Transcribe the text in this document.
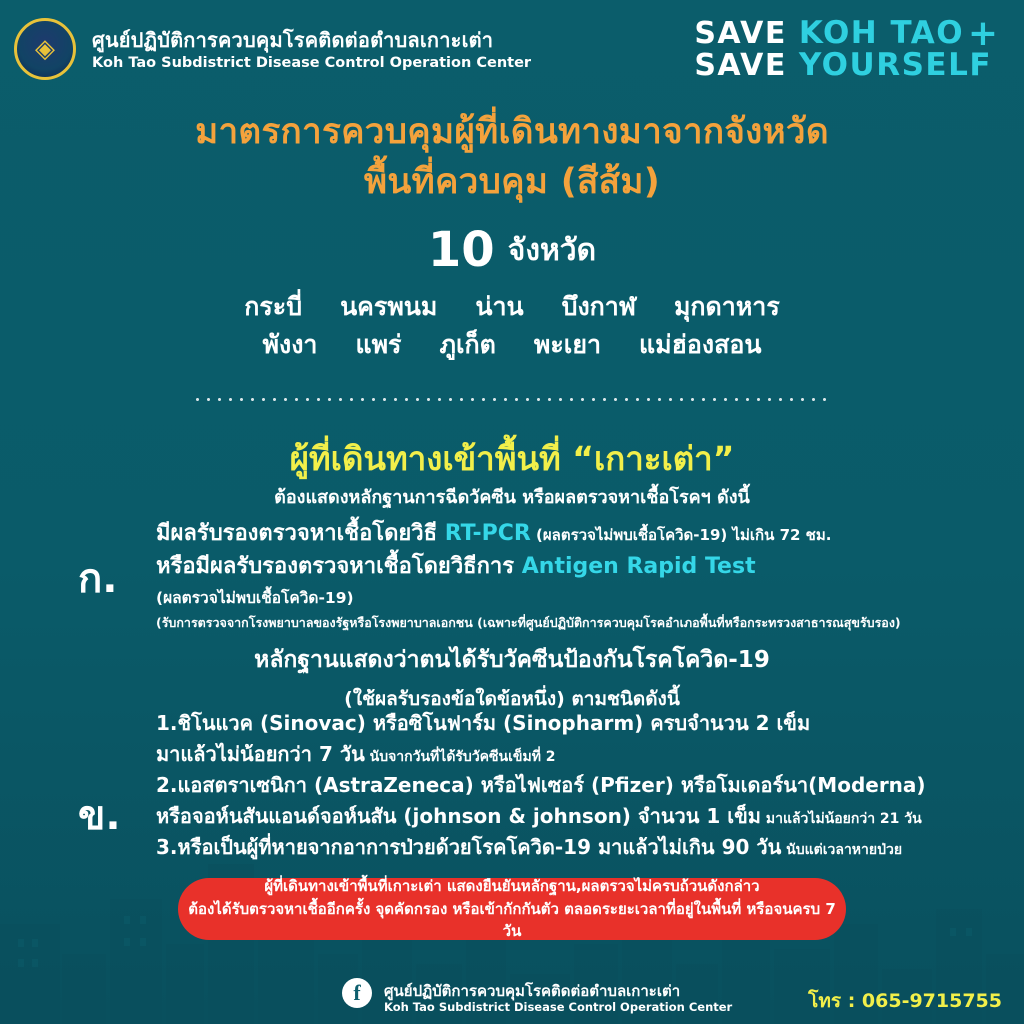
◈ ศูนย์ปฏิบัติการควบคุมโรคติดต่อตำบลเกาะเต่า
Koh Tao Subdistrict Disease Control Operation Center
SAVE KOH TAO
SAVE YOURSELF
+
มาตรการควบคุมผู้ที่เดินทางมาจากจังหวัด
พื้นที่ควบคุม (สีส้ม)
10 จังหวัด
กระบี่ นครพนม น่าน บึงกาฬ มุกดาหาร
พังงา แพร่ ภูเก็ต พะเยา แม่ฮ่องสอน
ผู้ที่เดินทางเข้าพื้นที่ “เกาะเต่า”
ต้องแสดงหลักฐานการฉีดวัคซีน หรือผลตรวจหาเชื้อโรคฯ ดังนี้
ก.
มีผลรับรองตรวจหาเชื้อโดยวิธี RT-PCR (ผลตรวจไม่พบเชื้อโควิด-19) ไม่เกิน 72 ชม.
หรือมีผลรับรองตรวจหาเชื้อโดยวิธีการ Antigen Rapid Test
(ผลตรวจไม่พบเชื้อโควิด-19)
(รับการตรวจจากโรงพยาบาลของรัฐหรือโรงพยาบาลเอกชน (เฉพาะที่ศูนย์ปฏิบัติการควบคุมโรคอำเภอพื้นที่หรือกระทรวงสาธารณสุขรับรอง)
หลักฐานแสดงว่าตนได้รับวัคซีนป้องกันโรคโควิด-19
(ใช้ผลรับรองข้อใดข้อหนึ่ง) ตามชนิดดังนี้
ข.
1.ชิโนแวค (Sinovac) หรือซิโนฟาร์ม (Sinopharm) ครบจำนวน 2 เข็ม
มาแล้วไม่น้อยกว่า 7 วัน นับจากวันที่ได้รับวัคซีนเข็มที่ 2
2.แอสตราเซนิกา (AstraZeneca) หรือไฟเซอร์ (Pfizer) หรือโมเดอร์นา(Moderna)
หรือจอห์นสันแอนด์จอห์นสัน (johnson & johnson) จำนวน 1 เข็ม มาแล้วไม่น้อยกว่า 21 วัน
3.หรือเป็นผู้ที่หายจากอาการป่วยด้วยโรคโควิด-19 มาแล้วไม่เกิน 90 วัน นับแต่เวลาหายป่วย
ผู้ที่เดินทางเข้าพื้นที่เกาะเต่า แสดงยืนยันหลักฐาน,ผลตรวจไม่ครบถ้วนดังกล่าว
ต้องได้รับตรวจหาเชื้ออีกครั้ง จุดคัดกรอง หรือเข้ากักกันตัว ตลอดระยะเวลาที่อยู่ในพื้นที่ หรือจนครบ 7 วัน
f	ศูนย์ปฏิบัติการควบคุมโรคติดต่อตำบลเกาะเต่า
Koh Tao Subdistrict Disease Control Operation Center	โทร : 065-9715755
